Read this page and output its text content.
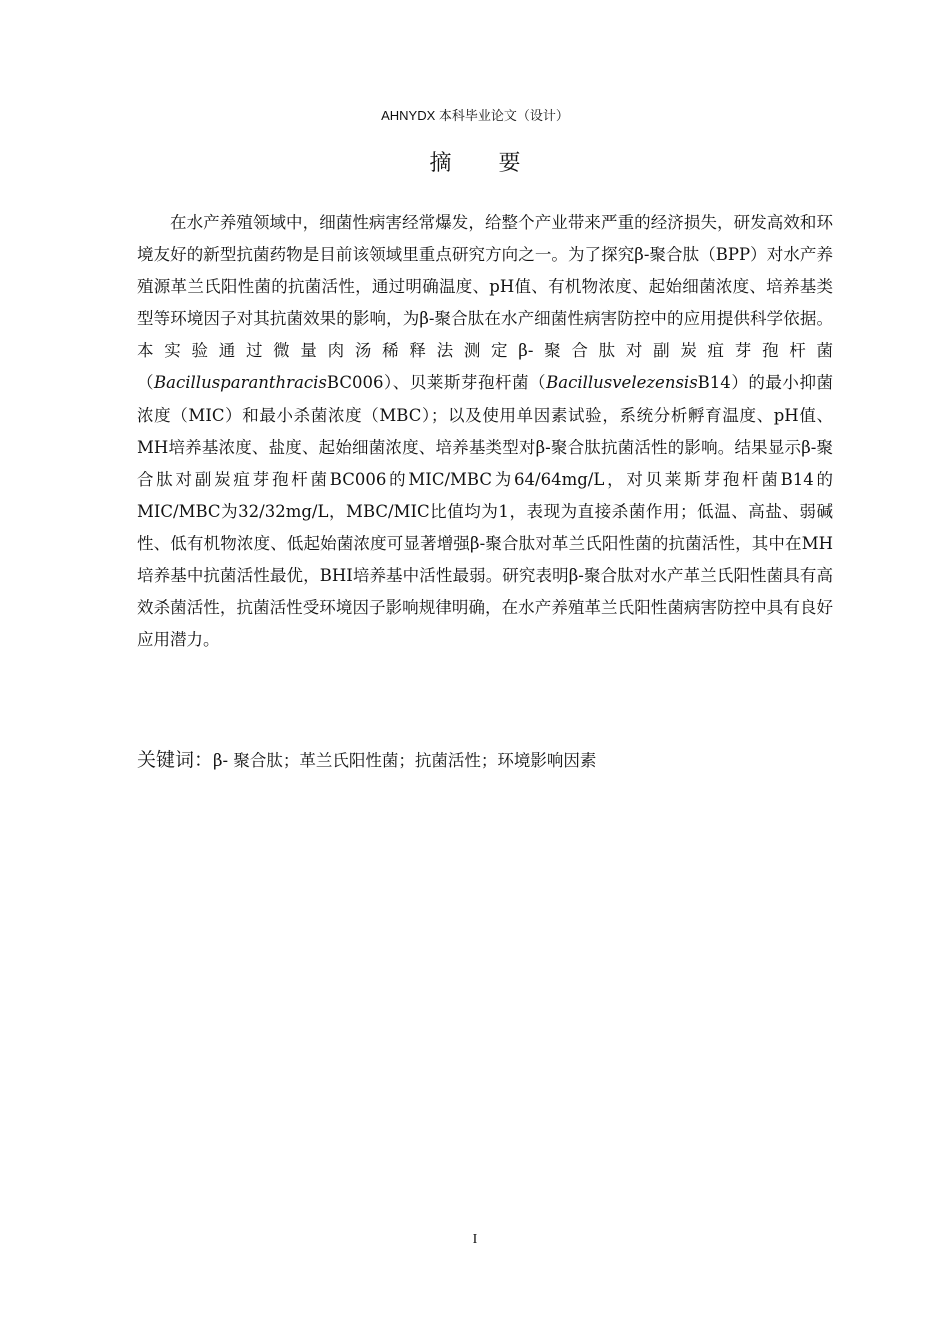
AHNYDX 本科毕业论文（设计）
摘 要

在水产养殖领域中，细菌性病害经常爆发，给整个产业带来严重的经济损失，研发高效和环境友好的新型抗菌药物是目前该领域里重点研究方向之一。为了探究β-聚合肽（BPP）对水产养殖源革兰氏阳性菌的抗菌活性，通过明确温度、pH值、有机物浓度、起始细菌浓度、培养基类型等环境因子对其抗菌效果的影响，为β-聚合肽在水产细菌性病害防控中的应用提供科学依据。本实验通过微量肉汤稀释法测定β-聚合肽对副炭疽芽孢杆菌（BacillusparanthracisBC006）、贝莱斯芽孢杆菌（BacillusvelezensisB14）的最小抑菌浓度（MIC）和最小杀菌浓度（MBC）；以及使用单因素试验，系统分析孵育温度、pH值、MH培养基浓度、盐度、起始细菌浓度、培养基类型对β-聚合肽抗菌活性的影响。结果显示β-聚合肽对副炭疽芽孢杆菌BC006的MIC/MBC为64/64mg/L，对贝莱斯芽孢杆菌B14的MIC/MBC为32/32mg/L，MBC/MIC比值均为1，表现为直接杀菌作用；低温、高盐、弱碱性、低有机物浓度、低起始菌浓度可显著增强β-聚合肽对革兰氏阳性菌的抗菌活性，其中在MH培养基中抗菌活性最优，BHI培养基中活性最弱。研究表明β-聚合肽对水产革兰氏阳性菌具有高效杀菌活性，抗菌活性受环境因子影响规律明确，在水产养殖革兰氏阳性菌病害防控中具有良好应用潜力。

关键词：β- 聚合肽；革兰氏阳性菌；抗菌活性；环境影响因素
I
